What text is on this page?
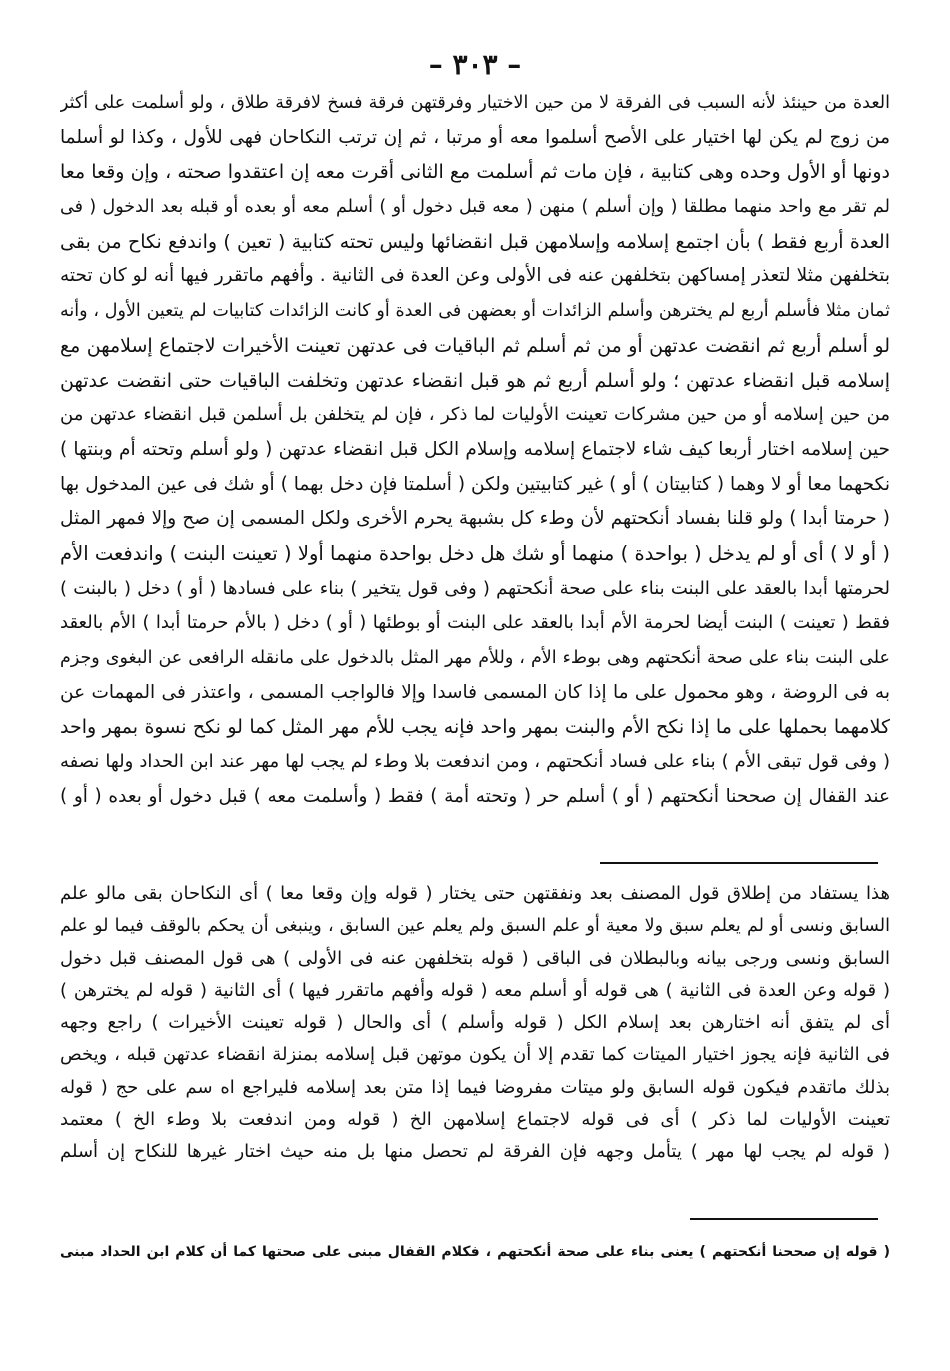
– ٣٠٣ –
العدة من حينئذ لأنه السبب فى الفرقة لا من حين الاختيار وفرقتهن فرقة فسخ لافرقة طلاق ، ولو أسلمت على أكثر
من زوج لم يكن لها اختيار على الأصح أسلموا معه أو مرتبا ، ثم إن ترتب النكاحان فهى للأول ، وكذا لو أسلما
دونها أو الأول وحده وهى كتابية ، فإن مات ثم أسلمت مع الثانى أقرت معه إن اعتقدوا صحته ، وإن وقعا معا
لم تقر مع واحد منهما مطلقا ( وإن أسلم ) منهن ( معه قبل دخول أو ) أسلم معه أو بعده أو قبله بعد الدخول ( فى
العدة أربع فقط ) بأن اجتمع إسلامه وإسلامهن قبل انقضائها وليس تحته كتابية ( تعين ) واندفع نكاح من بقى
بتخلفهن مثلا لتعذر إمساكهن بتخلفهن عنه فى الأولى وعن العدة فى الثانية . وأفهم ماتقرر فيها أنه لو كان تحته
ثمان مثلا فأسلم أربع لم يخترهن وأسلم الزائدات أو بعضهن فى العدة أو كانت الزائدات كتابيات لم يتعين الأول ، وأنه
لو أسلم أربع ثم انقضت عدتهن أو من ثم أسلم ثم الباقيات فى عدتهن تعينت الأخيرات لاجتماع إسلامهن مع
إسلامه قبل انقضاء عدتهن ؛ ولو أسلم أربع ثم هو قبل انقضاء عدتهن وتخلفت الباقيات حتى انقضت عدتهن
من حين إسلامه أو من حين مشركات تعينت الأوليات لما ذكر ، فإن لم يتخلفن بل أسلمن قبل انقضاء عدتهن من
حين إسلامه اختار أربعا كيف شاء لاجتماع إسلامه وإسلام الكل قبل انقضاء عدتهن ( ولو أسلم وتحته أم وبنتها )
نكحهما معا أو لا وهما ( كتابيتان ) أو ) غير كتابيتين ولكن ( أسلمتا فإن دخل بهما ) أو شك فى عين المدخول بها
( حرمتا أبدا ) ولو قلنا بفساد أنكحتهم لأن وطء كل بشبهة يحرم الأخرى ولكل المسمى إن صح وإلا فمهر المثل
( أو لا ) أى أو لم يدخل ( بواحدة ) منهما أو شك هل دخل بواحدة منهما أولا ( تعينت البنت ) واندفعت الأم
لحرمتها أبدا بالعقد على البنت بناء على صحة أنكحتهم ( وفى قول يتخير ) بناء على فسادها ( أو ) دخل ( بالبنت )
فقط ( تعينت ) البنت أيضا لحرمة الأم أبدا بالعقد على البنت أو بوطئها ( أو ) دخل ( بالأم حرمتا أبدا ) الأم بالعقد
على البنت بناء على صحة أنكحتهم وهى بوطء الأم ، وللأم مهر المثل بالدخول على مانقله الرافعى عن البغوى وجزم
به فى الروضة ، وهو محمول على ما إذا كان المسمى فاسدا وإلا فالواجب المسمى ، واعتذر فى المهمات عن
كلامهما بحملها على ما إذا نكح الأم والبنت بمهر واحد فإنه يجب للأم مهر المثل كما لو نكح نسوة بمهر واحد
( وفى قول تبقى الأم ) بناء على فساد أنكحتهم ، ومن اندفعت بلا وطء لم يجب لها مهر عند ابن الحداد ولها نصفه
عند القفال إن صححنا أنكحتهم ( أو ) أسلم حر ( وتحته أمة ) فقط ( وأسلمت معه ) قبل دخول أو بعده ( أو )
هذا يستفاد من إطلاق قول المصنف بعد ونفقتهن حتى يختار ( قوله وإن وقعا معا ) أى النكاحان بقى مالو علم
السابق ونسى أو لم يعلم سبق ولا معية أو علم السبق ولم يعلم عين السابق ، وينبغى أن يحكم بالوقف فيما لو علم
السابق ونسى ورجى بيانه وبالبطلان فى الباقى ( قوله بتخلفهن عنه فى الأولى ) هى قول المصنف قبل دخول
( قوله وعن العدة فى الثانية ) هى قوله أو أسلم معه ( قوله وأفهم ماتقرر فيها ) أى الثانية ( قوله لم يخترهن )
أى لم يتفق أنه اختارهن بعد إسلام الكل ( قوله وأسلم ) أى والحال ( قوله تعينت الأخيرات ) راجع وجهه
فى الثانية فإنه يجوز اختيار الميتات كما تقدم إلا أن يكون موتهن قبل إسلامه بمنزلة انقضاء عدتهن قبله ، ويخص
بذلك ماتقدم فيكون قوله السابق ولو ميتات مفروضا فيما إذا متن بعد إسلامه فليراجع اه سم على حج ( قوله
تعينت الأوليات لما ذكر ) أى فى قوله لاجتماع إسلامهن الخ ( قوله ومن اندفعت بلا وطء الخ ) معتمد
( قوله لم يجب لها مهر ) يتأمل وجهه فإن الفرقة لم تحصل منها بل منه حيث اختار غيرها للنكاح إن أسلم
( قوله إن صححنا أنكحتهم ) يعنى بناء على صحة أنكحتهم ، فكلام القفال مبنى على صحتها كما أن كلام ابن الحداد مبنى
